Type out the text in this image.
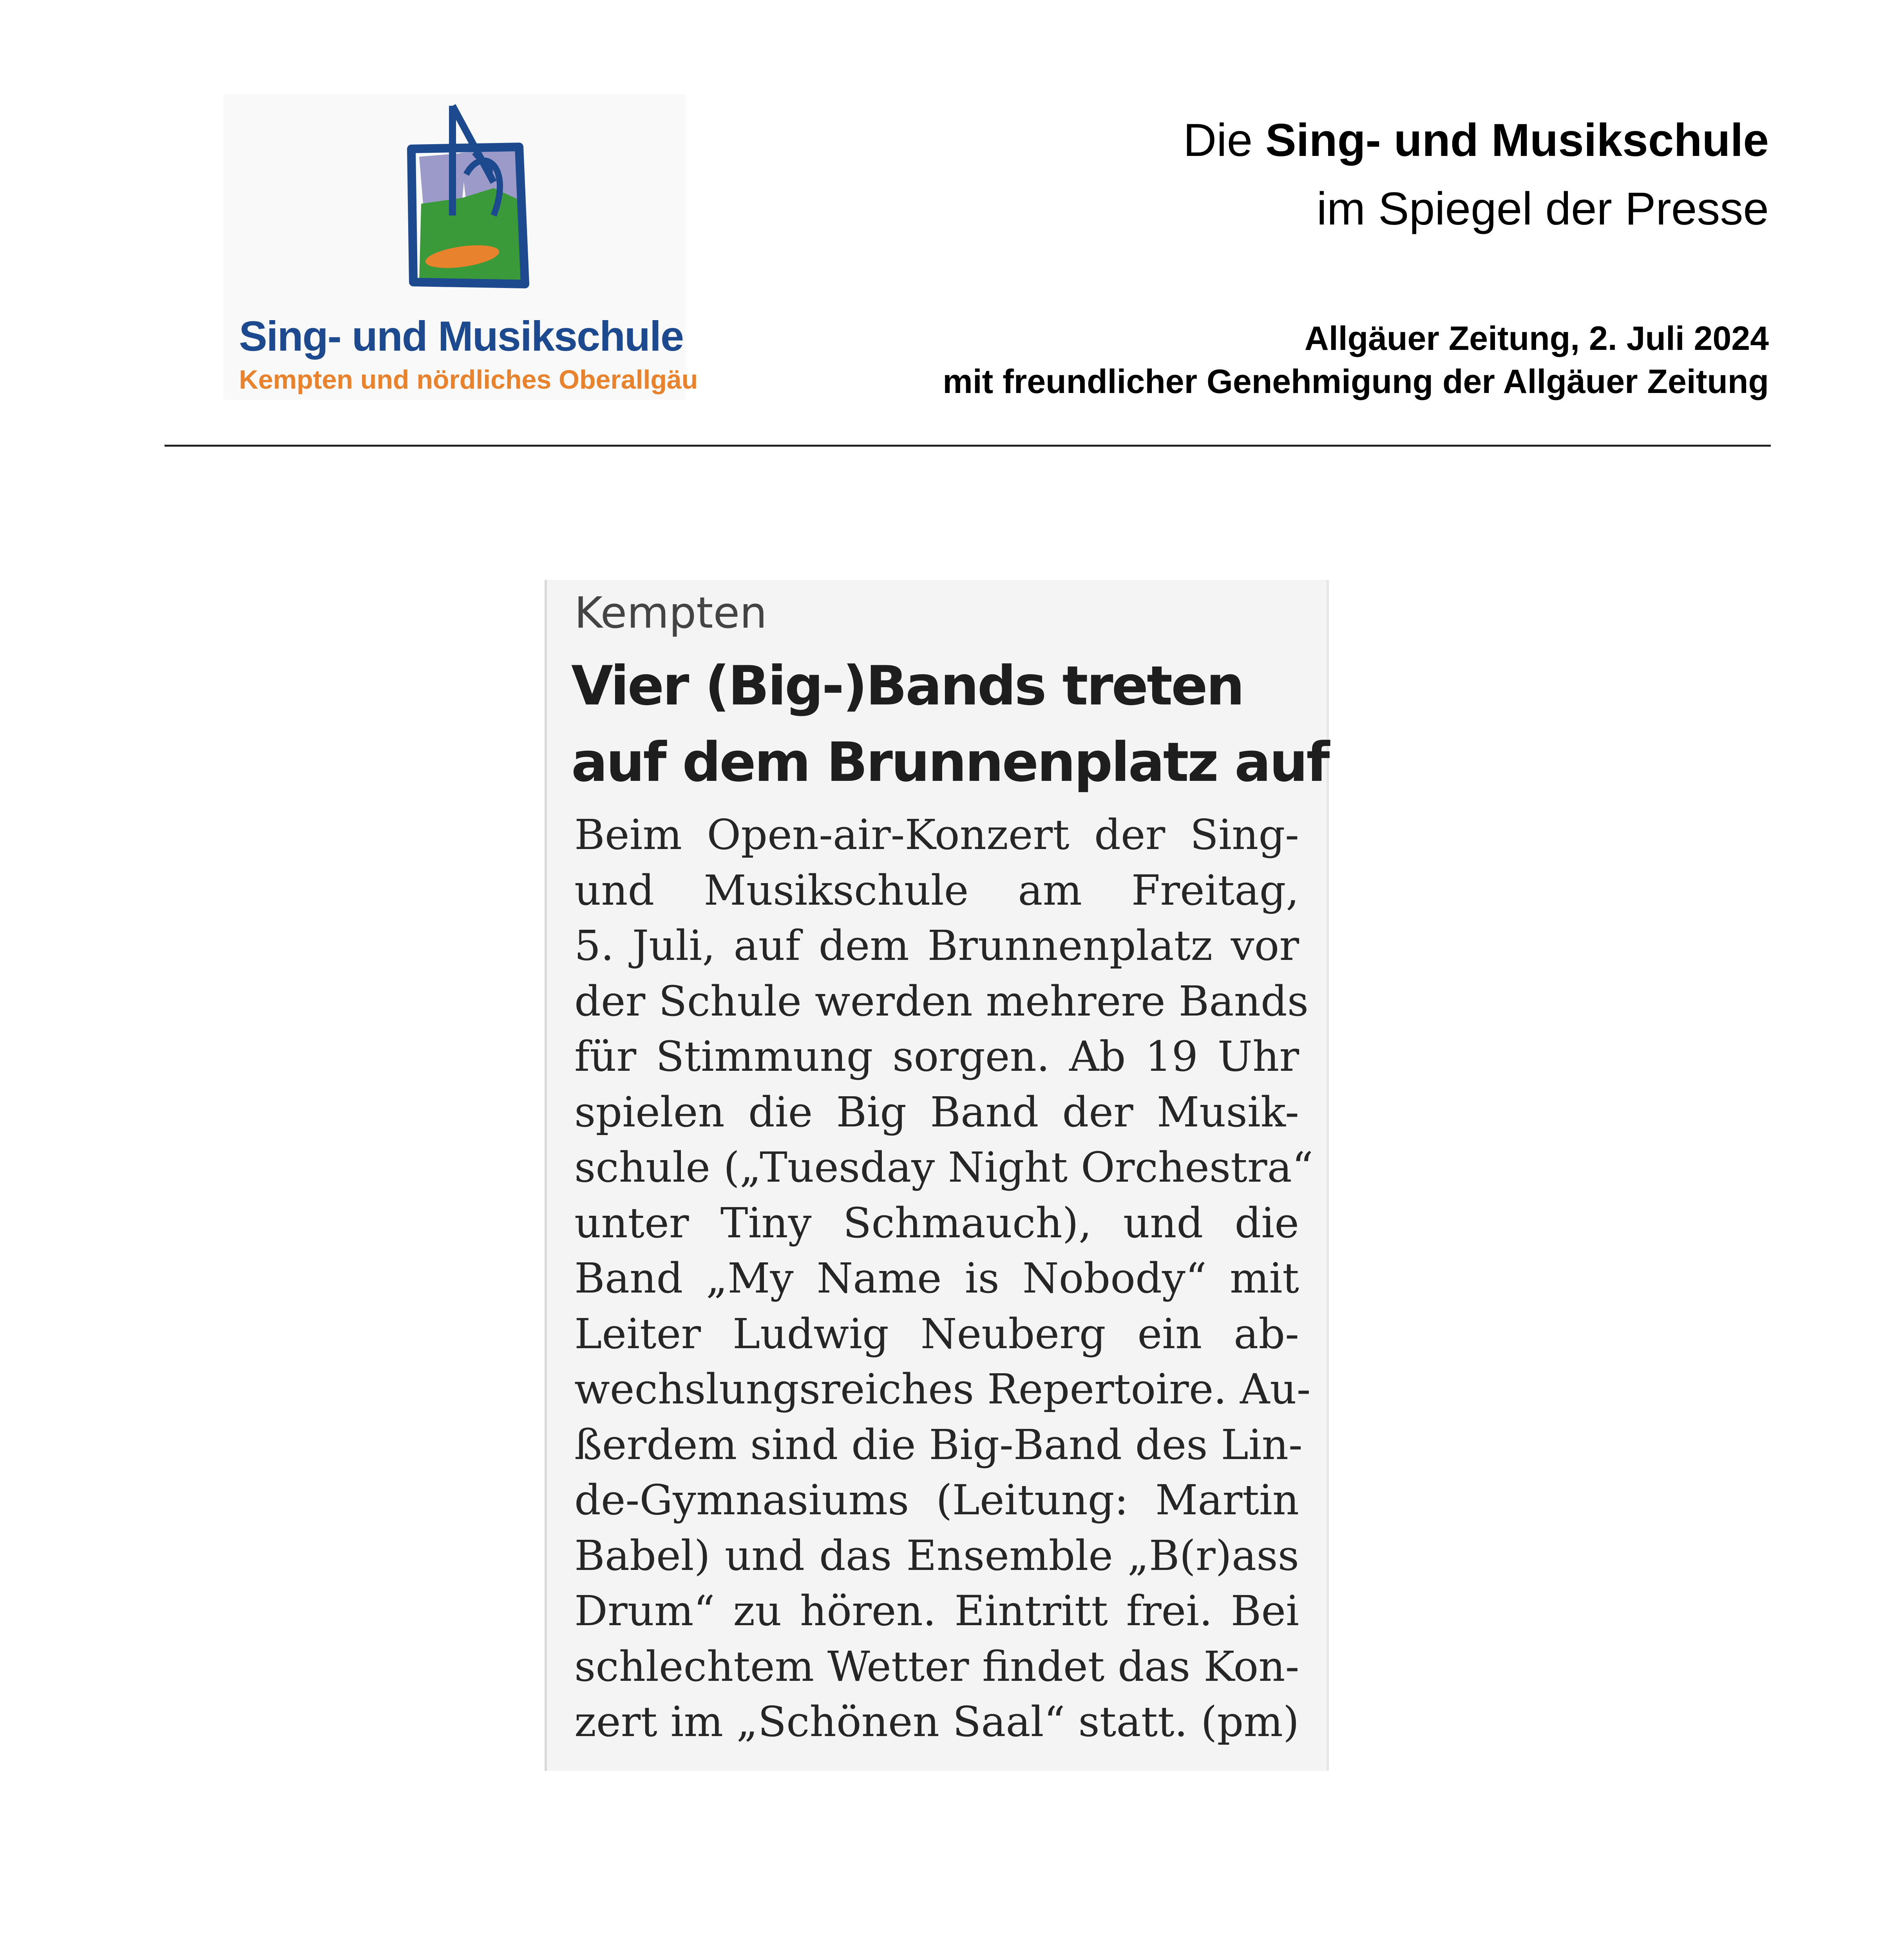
Sing- und Musikschule
Kempten und nördliches Oberallgäu
Die Sing- und Musikschule
im Spiegel der Presse
Allgäuer Zeitung, 2. Juli 2024
mit freundlicher Genehmigung der Allgäuer Zeitung
Kempten
Vier (Big-)Bands treten
auf dem Brunnenplatz auf
Beim Open-air-Konzert der Sing-
und Musikschule am Freitag,
5. Juli, auf dem Brunnenplatz vor
der Schule werden mehrere Bands
für Stimmung sorgen. Ab 19 Uhr
spielen die Big Band der Musik-
schule („Tuesday Night Orchestra“
unter Tiny Schmauch), und die
Band „My Name is Nobody“ mit
Leiter Ludwig Neuberg ein ab-
wechslungsreiches Repertoire. Au-
ßerdem sind die Big-Band des Lin-
de-Gymnasiums (Leitung: Martin
Babel) und das Ensemble „B(r)ass
Drum“ zu hören. Eintritt frei. Bei
schlechtem Wetter findet das Kon-
zert im „Schönen Saal“ statt. (pm)
